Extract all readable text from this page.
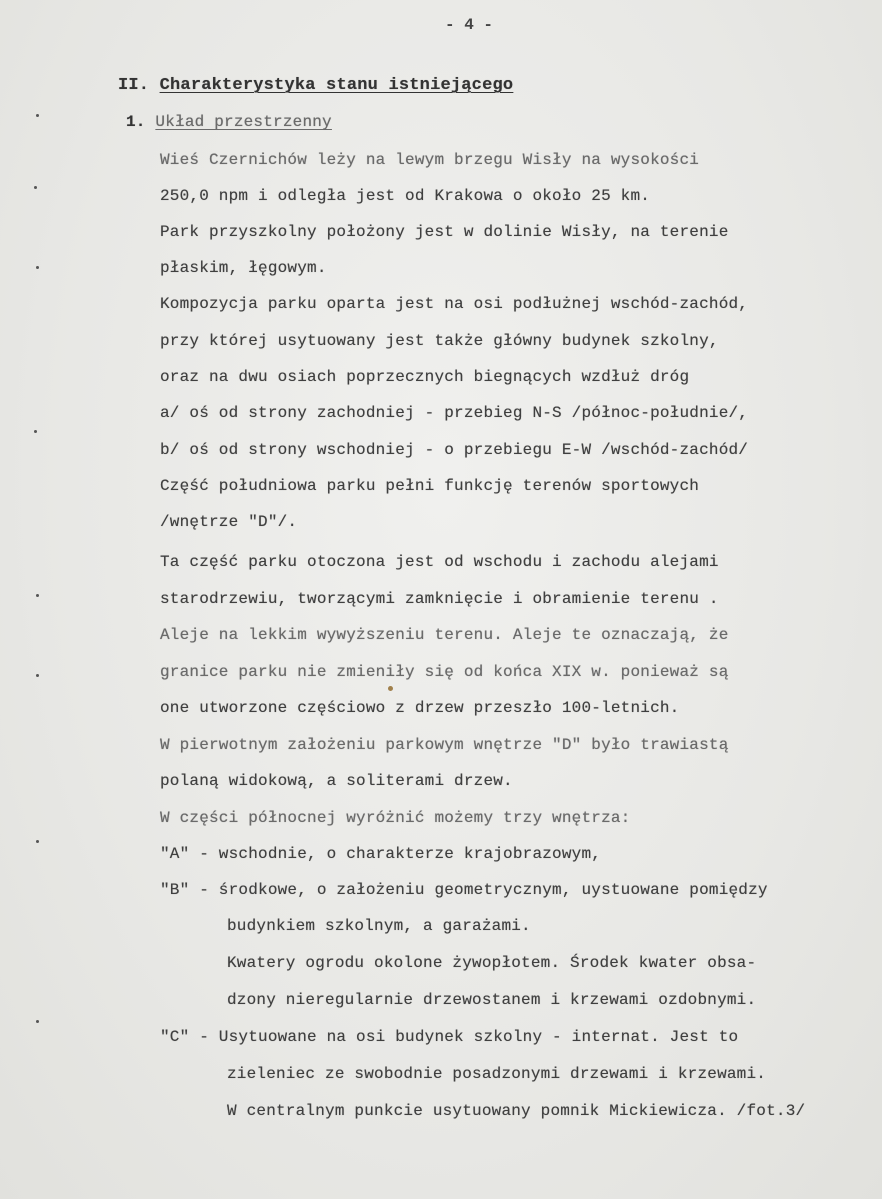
- 4 -
II. Charakterystyka stanu istniejącego
1. Układ przestrzenny
Wieś Czernichów leży na lewym brzegu Wisły na wysokości
250,0 npm i odległa jest od Krakowa o około 25 km.
Park przyszkolny położony jest w dolinie Wisły, na terenie
płaskim, łęgowym.
Kompozycja parku oparta jest na osi podłużnej wschód-zachód,
przy której usytuowany jest także główny budynek szkolny,
oraz na dwu osiach poprzecznych biegnących wzdłuż dróg
a/ oś od strony zachodniej - przebieg N-S /północ-południe/,
b/ oś od strony wschodniej - o przebiegu E-W /wschód-zachód/
Część południowa parku pełni funkcję terenów sportowych
/wnętrze "D"/.
Ta część parku otoczona jest od wschodu i zachodu alejami
starodrzewiu, tworzącymi zamknięcie i obramienie terenu .
Aleje na lekkim wywyższeniu terenu. Aleje te oznaczają, że
granice parku nie zmieniły się od końca XIX w. ponieważ są
one utworzone częściowo z drzew przeszło 100-letnich.
W pierwotnym założeniu parkowym wnętrze "D" było trawiastą
polaną widokową, a soliterami drzew.
W części północnej wyróżnić możemy trzy wnętrza:
"A" - wschodnie, o charakterze krajobrazowym,
"B" - środkowe, o założeniu geometrycznym, uystuowane pomiędzy
budynkiem szkolnym, a garażami.
Kwatery ogrodu okolone żywopłotem. Środek kwater obsa-
dzony nieregularnie drzewostanem i krzewami ozdobnymi.
"C" - Usytuowane na osi budynek szkolny - internat. Jest to
zieleniec ze swobodnie posadzonymi drzewami i krzewami.
W centralnym punkcie usytuowany pomnik Mickiewicza. /fot.3/
